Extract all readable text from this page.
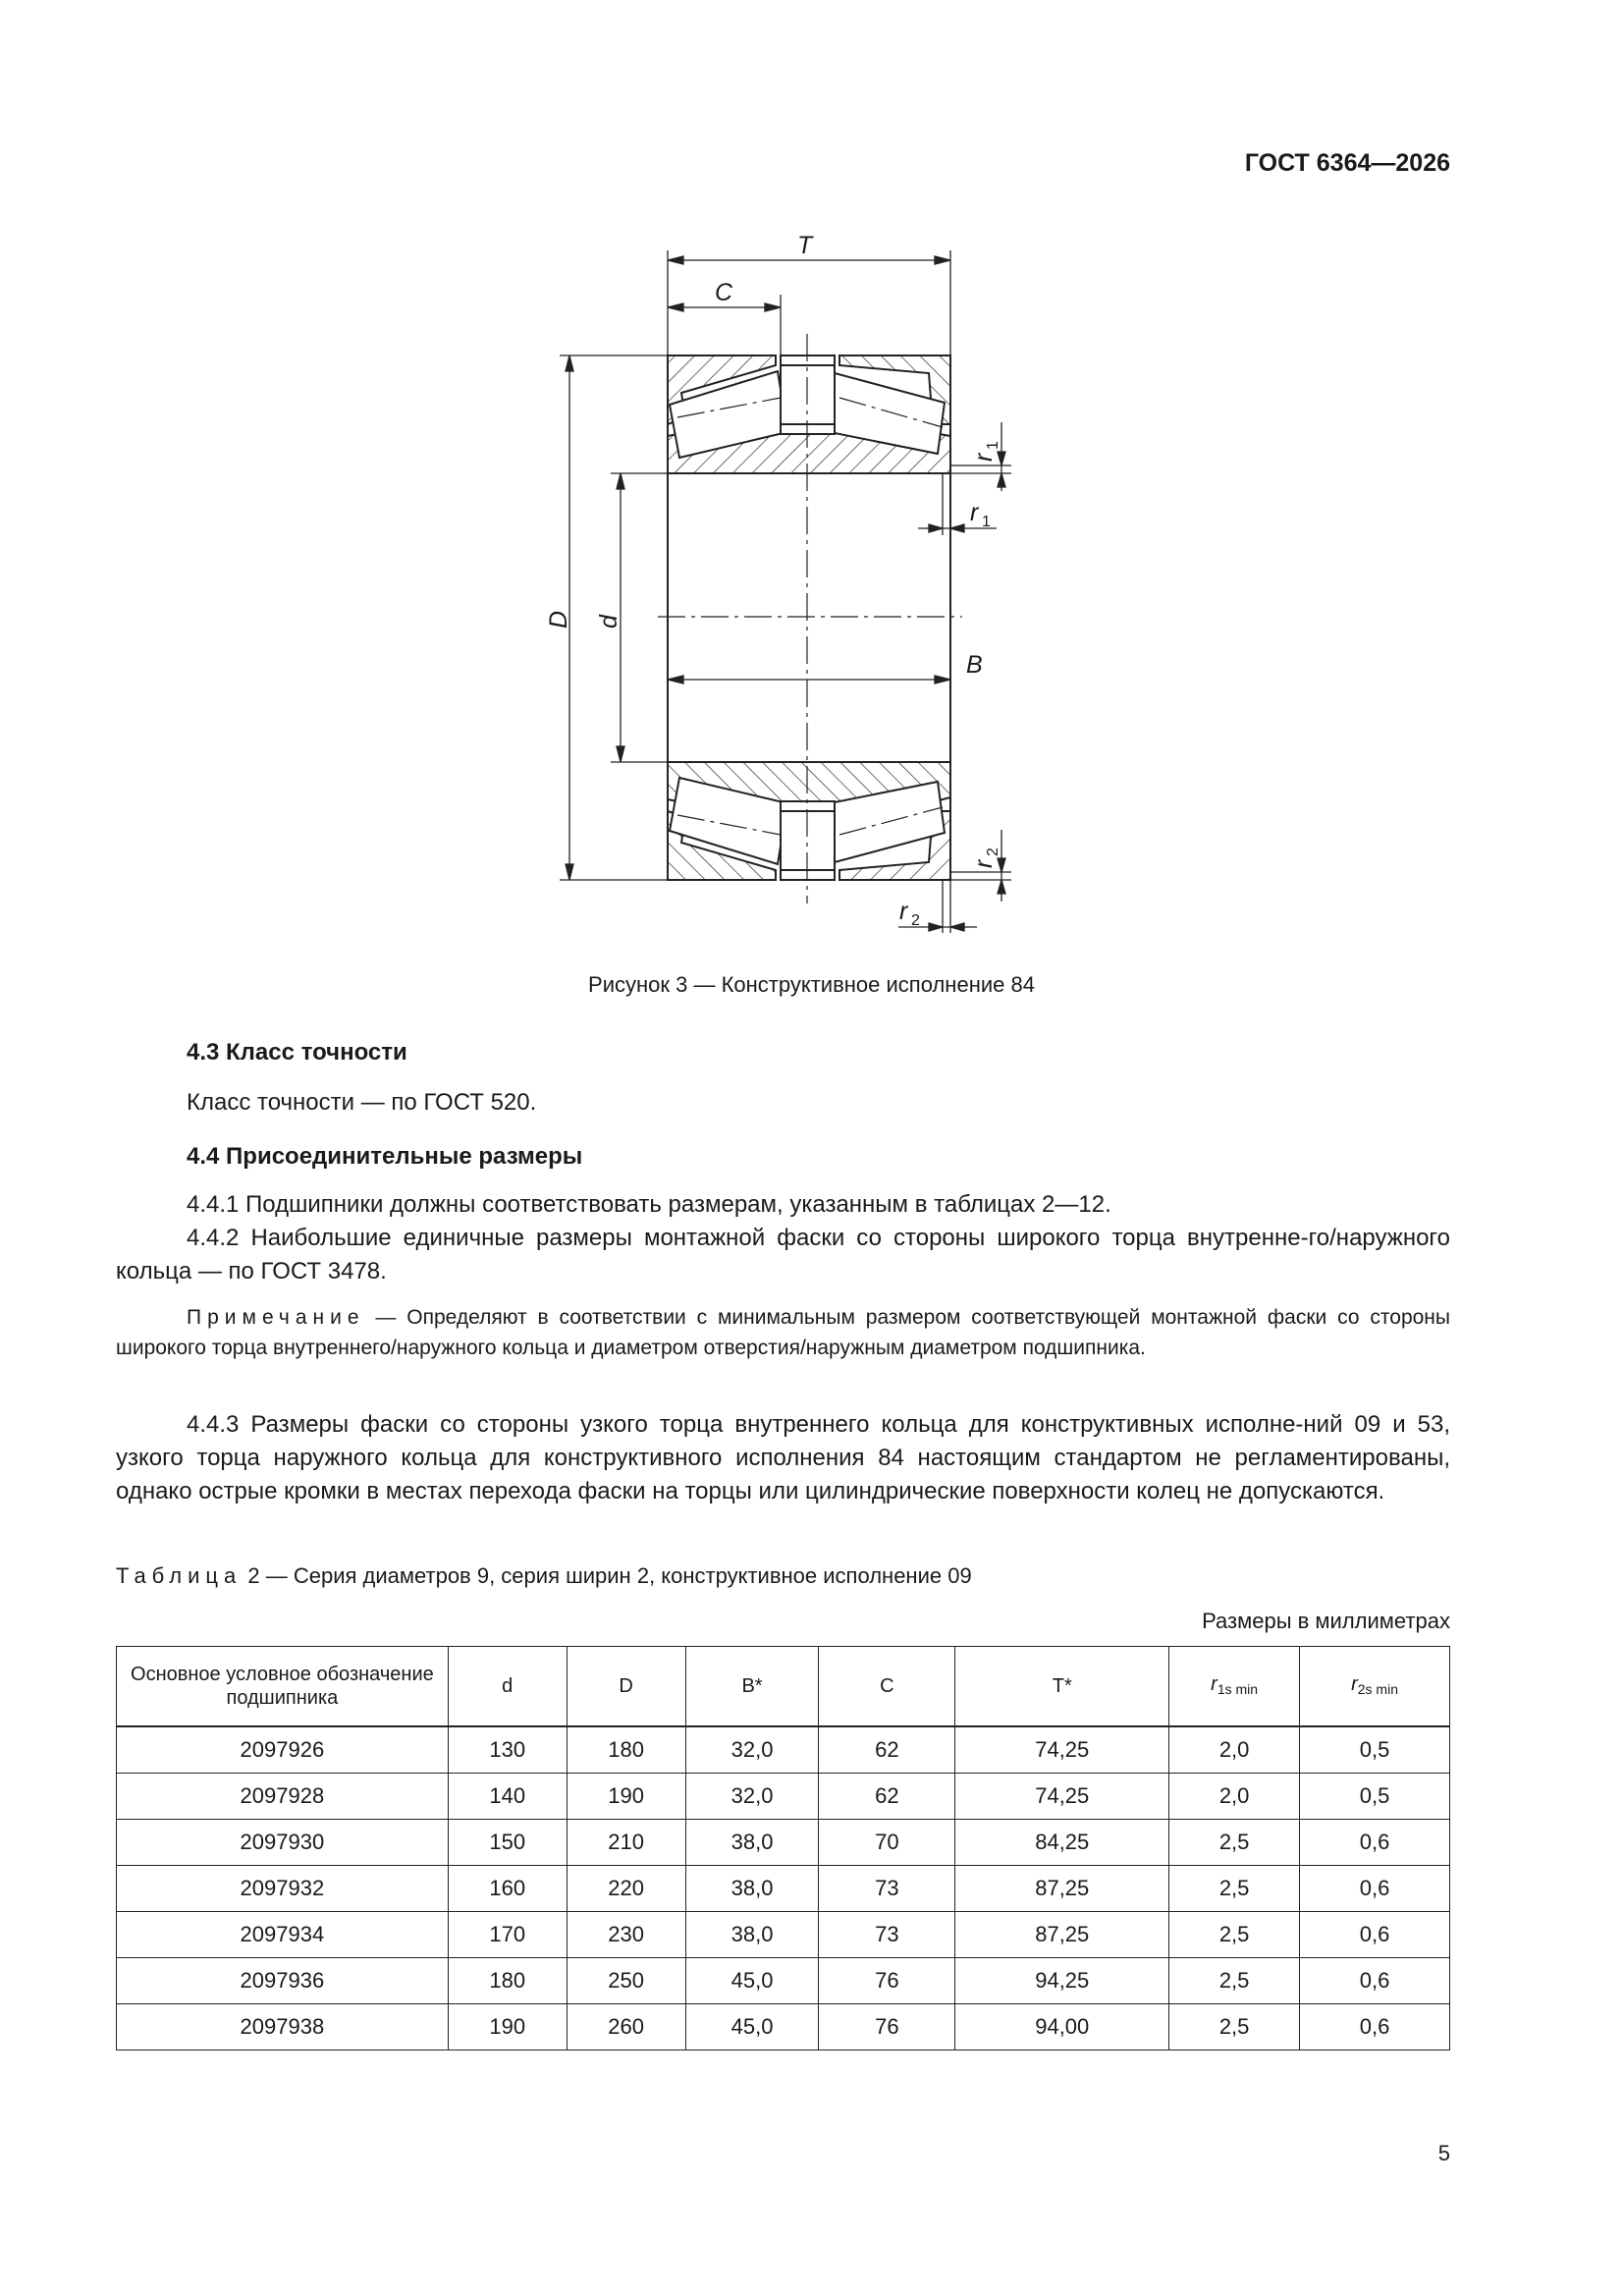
ГОСТ 6364—2026
T
C
D d
B
r
1
r 1
r
2
r 2
Рисунок 3 — Конструктивное исполнение 84
4.3 Класс точности
Класс точности — по ГОСТ 520.
4.4 Присоединительные размеры
4.4.1 Подшипники должны соответствовать размерам, указанным в таблицах 2—12.
4.4.2 Наибольшие единичные размеры монтажной фаски со стороны широкого торца внутренне-го/наружного кольца — по ГОСТ 3478.
Примечание — Определяют в соответствии с минимальным размером соответствующей монтажной фаски со стороны широкого торца внутреннего/наружного кольца и диаметром отверстия/наружным диаметром подшипника.
4.4.3 Размеры фаски со стороны узкого торца внутреннего кольца для конструктивных исполне-ний 09 и 53, узкого торца наружного кольца для конструктивного исполнения 84 настоящим стандартом не регламентированы, однако острые кромки в местах перехода фаски на торцы или цилиндрические поверхности колец не допускаются.
Таблица 2 — Серия диаметров 9, серия ширин 2, конструктивное исполнение 09
Размеры в миллиметрах
Основное условное обозначение подшипника	d	D	B*	C	T*	$r_{1s min}$	$r_{2s min}$
2097926	130	180	32,0	62	74,25	2,0	0,5
2097928	140	190	32,0	62	74,25	2,0	0,5
2097930	150	210	38,0	70	84,25	2,5	0,6
2097932	160	220	38,0	73	87,25	2,5	0,6
2097934	170	230	38,0	73	87,25	2,5	0,6
2097936	180	250	45,0	76	94,25	2,5	0,6
2097938	190	260	45,0	76	94,00	2,5	0,6
5
